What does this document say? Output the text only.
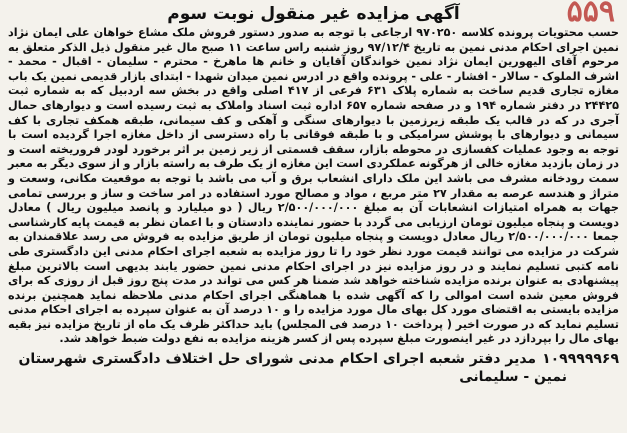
۵۵۹
آگهی مزایده غیر منقول نوبت سوم

حسب محتویات پرونده کلاسه ۹۷۰۲۵۰ ارجاعی با توجه به صدور دستور فروش ملک مشاع خواهان علی ایمان نژاد نمین اجرای احکام مدنی نمین به تاریخ ۹۷/۱۲/۴ روز شنبه راس ساعت ۱۱ صبح مال غیر منقول ذیل الذکر متعلق به مرحوم آقای الیهورین ایمان نژاد نمین خواندگان آقایان و خانم ها ماهرخ - محترم - سلیمان - اقبال - محمد - اشرف الملوک - سالار - افشار - علی - پرونده واقع در ادرس نمین میدان شهدا - ابتدای بازار قدیمی نمین یک باب مغازه تجاری قدیم ساخت به شماره پلاک ۶۳۱ فرعی از ۴۱۷ اصلی واقع در بخش سه اردبیل که به شماره ثبت ۲۴۴۲۵ در دفتر شماره ۱۹۴ و در صفحه شماره ۶۵۷ اداره ثبت اسناد واملاک به ثبت رسیده است و دیوارهای حمال آجری در که در قالب یک طبقه زیرزمین با دیوارهای سنگی و آهکی و کف سیمانی، طبقه همکف تجاری با کف سیمانی و دیوارهای با پوشش سرامیکی و با طبقه فوقانی با راه دسترسی از داخل مغازه اجرا گردیده است با توجه به وجود عملیات کفسازی در محوطه بازار، سقف قسمتی از زیر زمین بر اثر برخورد لودر فروریخته است و در زمان بازدید مغازه خالی از هرگونه عملکردی است این مغازه از یک طرف به راسته بازار و از سوی دیگر به معبر سمت رودخانه مشرف می باشد این ملک دارای انشعاب برق و آب می باشد با توجه به موقعیت مکانی، وسعت و متراژ و هندسه عرصه به مقدار ۲۷ متر مربع ، مواد و مصالح مورد استفاده در امر ساخت و ساز و بررسی تمامی جهات به همراه امتیازات انشعابات آن به مبلغ ۲/۵۰۰/۰۰۰/۰۰۰ ریال ( دو میلیارد و پانصد میلیون ریال ) معادل دویست و پنجاه میلیون تومان ارزیابی می گردد با حضور نماینده دادستان و با اعمان نظر به قیمت پایه کارشناسی جمعا ۲/۵۰۰/۰۰۰/۰۰۰ ریال معادل دویست و پنجاه میلیون تومان از طریق مزایده به فروش می رسد علاقمندان به شرکت در مزایده می توانند قیمت مورد نظر خود را تا روز مزایده به شعبه اجرای احکام مدنی این دادگستری طی نامه کتبی تسلیم نمایند و در روز مزایده نیز در اجرای احکام مدنی نمین حضور یابند بدیهی است بالاترین مبلغ پیشنهادی به عنوان برنده مزایده شناخته خواهد شد ضمنا هر کس می تواند در مدت پنج روز قبل از روزی که برای فروش معین شده است اموالی را که آگهی شده با هماهنگی اجرای احکام مدنی ملاحظه نماید همچنین برنده مزایده بایستی به اقتضای مورد کل بهای مال مورد مزایده را و ۱۰ درصد آن به عنوان سپرده به اجرای احکام مدنی تسلیم نماید که در صورت اخیر ( پرداخت ۱۰ درصد فی المجلس) باید حداکثر ظرف یک ماه از تاریخ مزایده نیز بقیه بهای مال را بپردازد در غیر اینصورت مبلغ سپرده پس از کسر هزینه مزایده به نفع دولت ضبط خواهد شد.

۱۰۹۹۹۹۹۶۹
مدیر دفتر شعبه اجرای احکام مدنی شورای حل اختلاف دادگستری شهرستان
نمین - سلیمانی
